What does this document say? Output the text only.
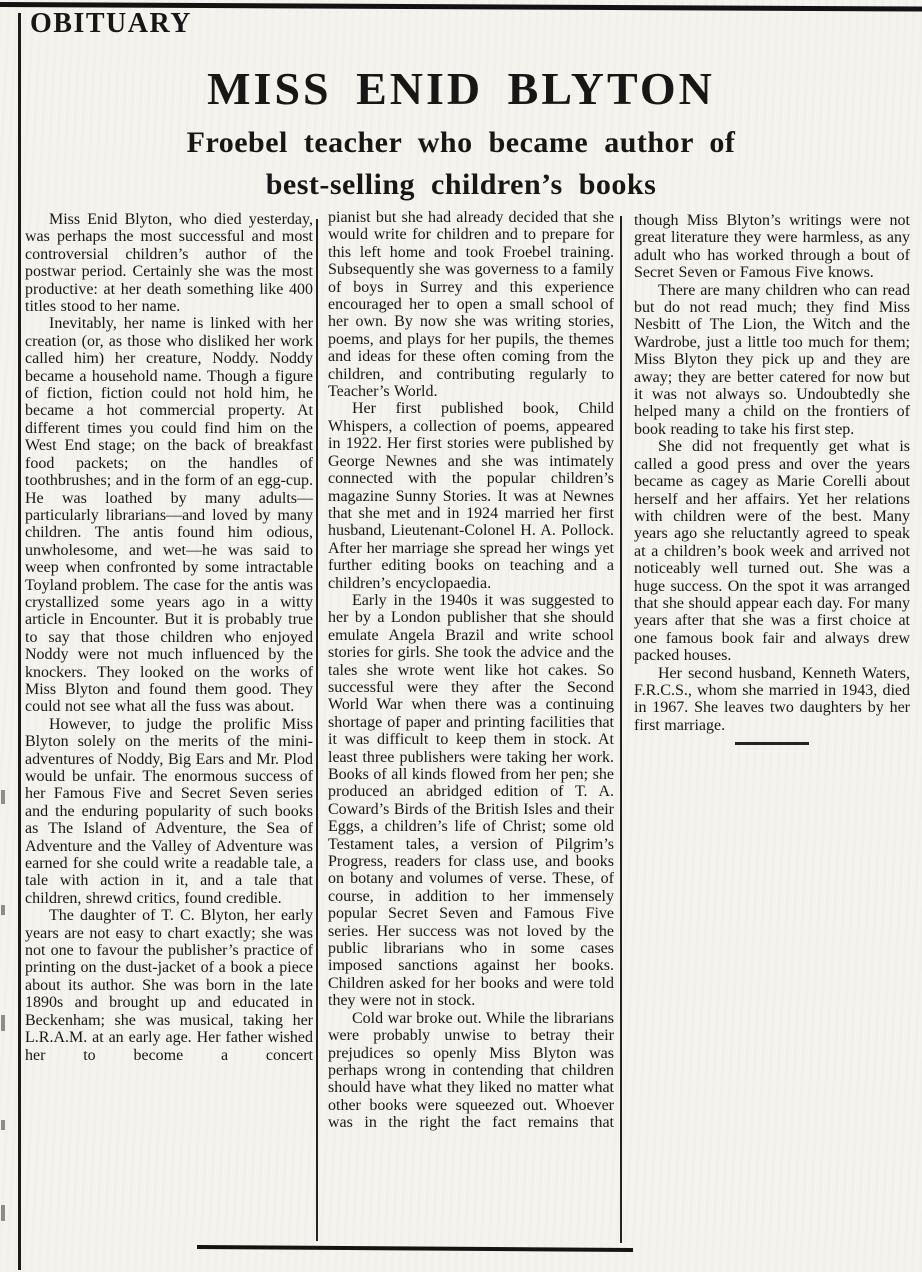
OBITUARY
MISS ENID BLYTON
Froebel teacher who became author of
best-selling children’s books

Miss Enid Blyton, who died yesterday, was perhaps the most successful and most controversial children’s author of the postwar period. Certainly she was the most productive: at her death something like 400 titles stood to her name.

Inevitably, her name is linked with her creation (or, as those who disliked her work called him) her creature, Noddy. Noddy became a household name. Though a figure of fiction, fiction could not hold him, he became a hot commercial property. At different times you could find him on the West End stage; on the back of breakfast food packets; on the handles of toothbrushes; and in the form of an egg-cup. He was loathed by many adults—particularly librarians—and loved by many children. The antis found him odious, unwholesome, and wet—he was said to weep when confronted by some intractable Toyland problem. The case for the antis was crystallized some years ago in a witty article in Encounter. But it is probably true to say that those children who enjoyed Noddy were not much influenced by the knockers. They looked on the works of Miss Blyton and found them good. They could not see what all the fuss was about.

However, to judge the prolific Miss Blyton solely on the merits of the mini-adventures of Noddy, Big Ears and Mr. Plod would be unfair. The enormous success of her Famous Five and Secret Seven series and the enduring popularity of such books as The Island of Adventure, the Sea of Adventure and the Valley of Adventure was earned for she could write a readable tale, a tale with action in it, and a tale that children, shrewd critics, found credible.

The daughter of T. C. Blyton, her early years are not easy to chart exactly; she was not one to favour the publisher’s practice of printing on the dust-jacket of a book a piece about its author. She was born in the late 1890s and brought up and educated in Beckenham; she was musical, taking her L.R.A.M. at an early age. Her father wished her to become a concert

pianist but she had already decided that she would write for children and to prepare for this left home and took Froebel training. Subsequently she was governess to a family of boys in Surrey and this experience encouraged her to open a small school of her own. By now she was writing stories, poems, and plays for her pupils, the themes and ideas for these often coming from the children, and contributing regularly to Teacher’s World.

Her first published book, Child Whispers, a collection of poems, appeared in 1922. Her first stories were published by George Newnes and she was intimately connected with the popular children’s magazine Sunny Stories. It was at Newnes that she met and in 1924 married her first husband, Lieutenant-Colonel H. A. Pollock. After her marriage she spread her wings yet further editing books on teaching and a children’s encyclopaedia.

Early in the 1940s it was suggested to her by a London publisher that she should emulate Angela Brazil and write school stories for girls. She took the advice and the tales she wrote went like hot cakes. So successful were they after the Second World War when there was a continuing shortage of paper and printing facilities that it was difficult to keep them in stock. At least three publishers were taking her work. Books of all kinds flowed from her pen; she produced an abridged edition of T. A. Coward’s Birds of the British Isles and their Eggs, a children’s life of Christ; some old Testament tales, a version of Pilgrim’s Progress, readers for class use, and books on botany and volumes of verse. These, of course, in addition to her immensely popular Secret Seven and Famous Five series. Her success was not loved by the public librarians who in some cases imposed sanctions against her books. Children asked for her books and were told they were not in stock.

Cold war broke out. While the librarians were probably unwise to betray their prejudices so openly Miss Blyton was perhaps wrong in contending that children should have what they liked no matter what other books were squeezed out. Whoever was in the right the fact remains that

though Miss Blyton’s writings were not great literature they were harmless, as any adult who has worked through a bout of Secret Seven or Famous Five knows.

There are many children who can read but do not read much; they find Miss Nesbitt of The Lion, the Witch and the Wardrobe, just a little too much for them; Miss Blyton they pick up and they are away; they are better catered for now but it was not always so. Undoubtedly she helped many a child on the frontiers of book reading to take his first step.

She did not frequently get what is called a good press and over the years became as cagey as Marie Corelli about herself and her affairs. Yet her relations with children were of the best. Many years ago she reluctantly agreed to speak at a children’s book week and arrived not noticeably well turned out. She was a huge success. On the spot it was arranged that she should appear each day. For many years after that she was a first choice at one famous book fair and always drew packed houses.

Her second husband, Kenneth Waters, F.R.C.S., whom she married in 1943, died in 1967. She leaves two daughters by her first marriage.
